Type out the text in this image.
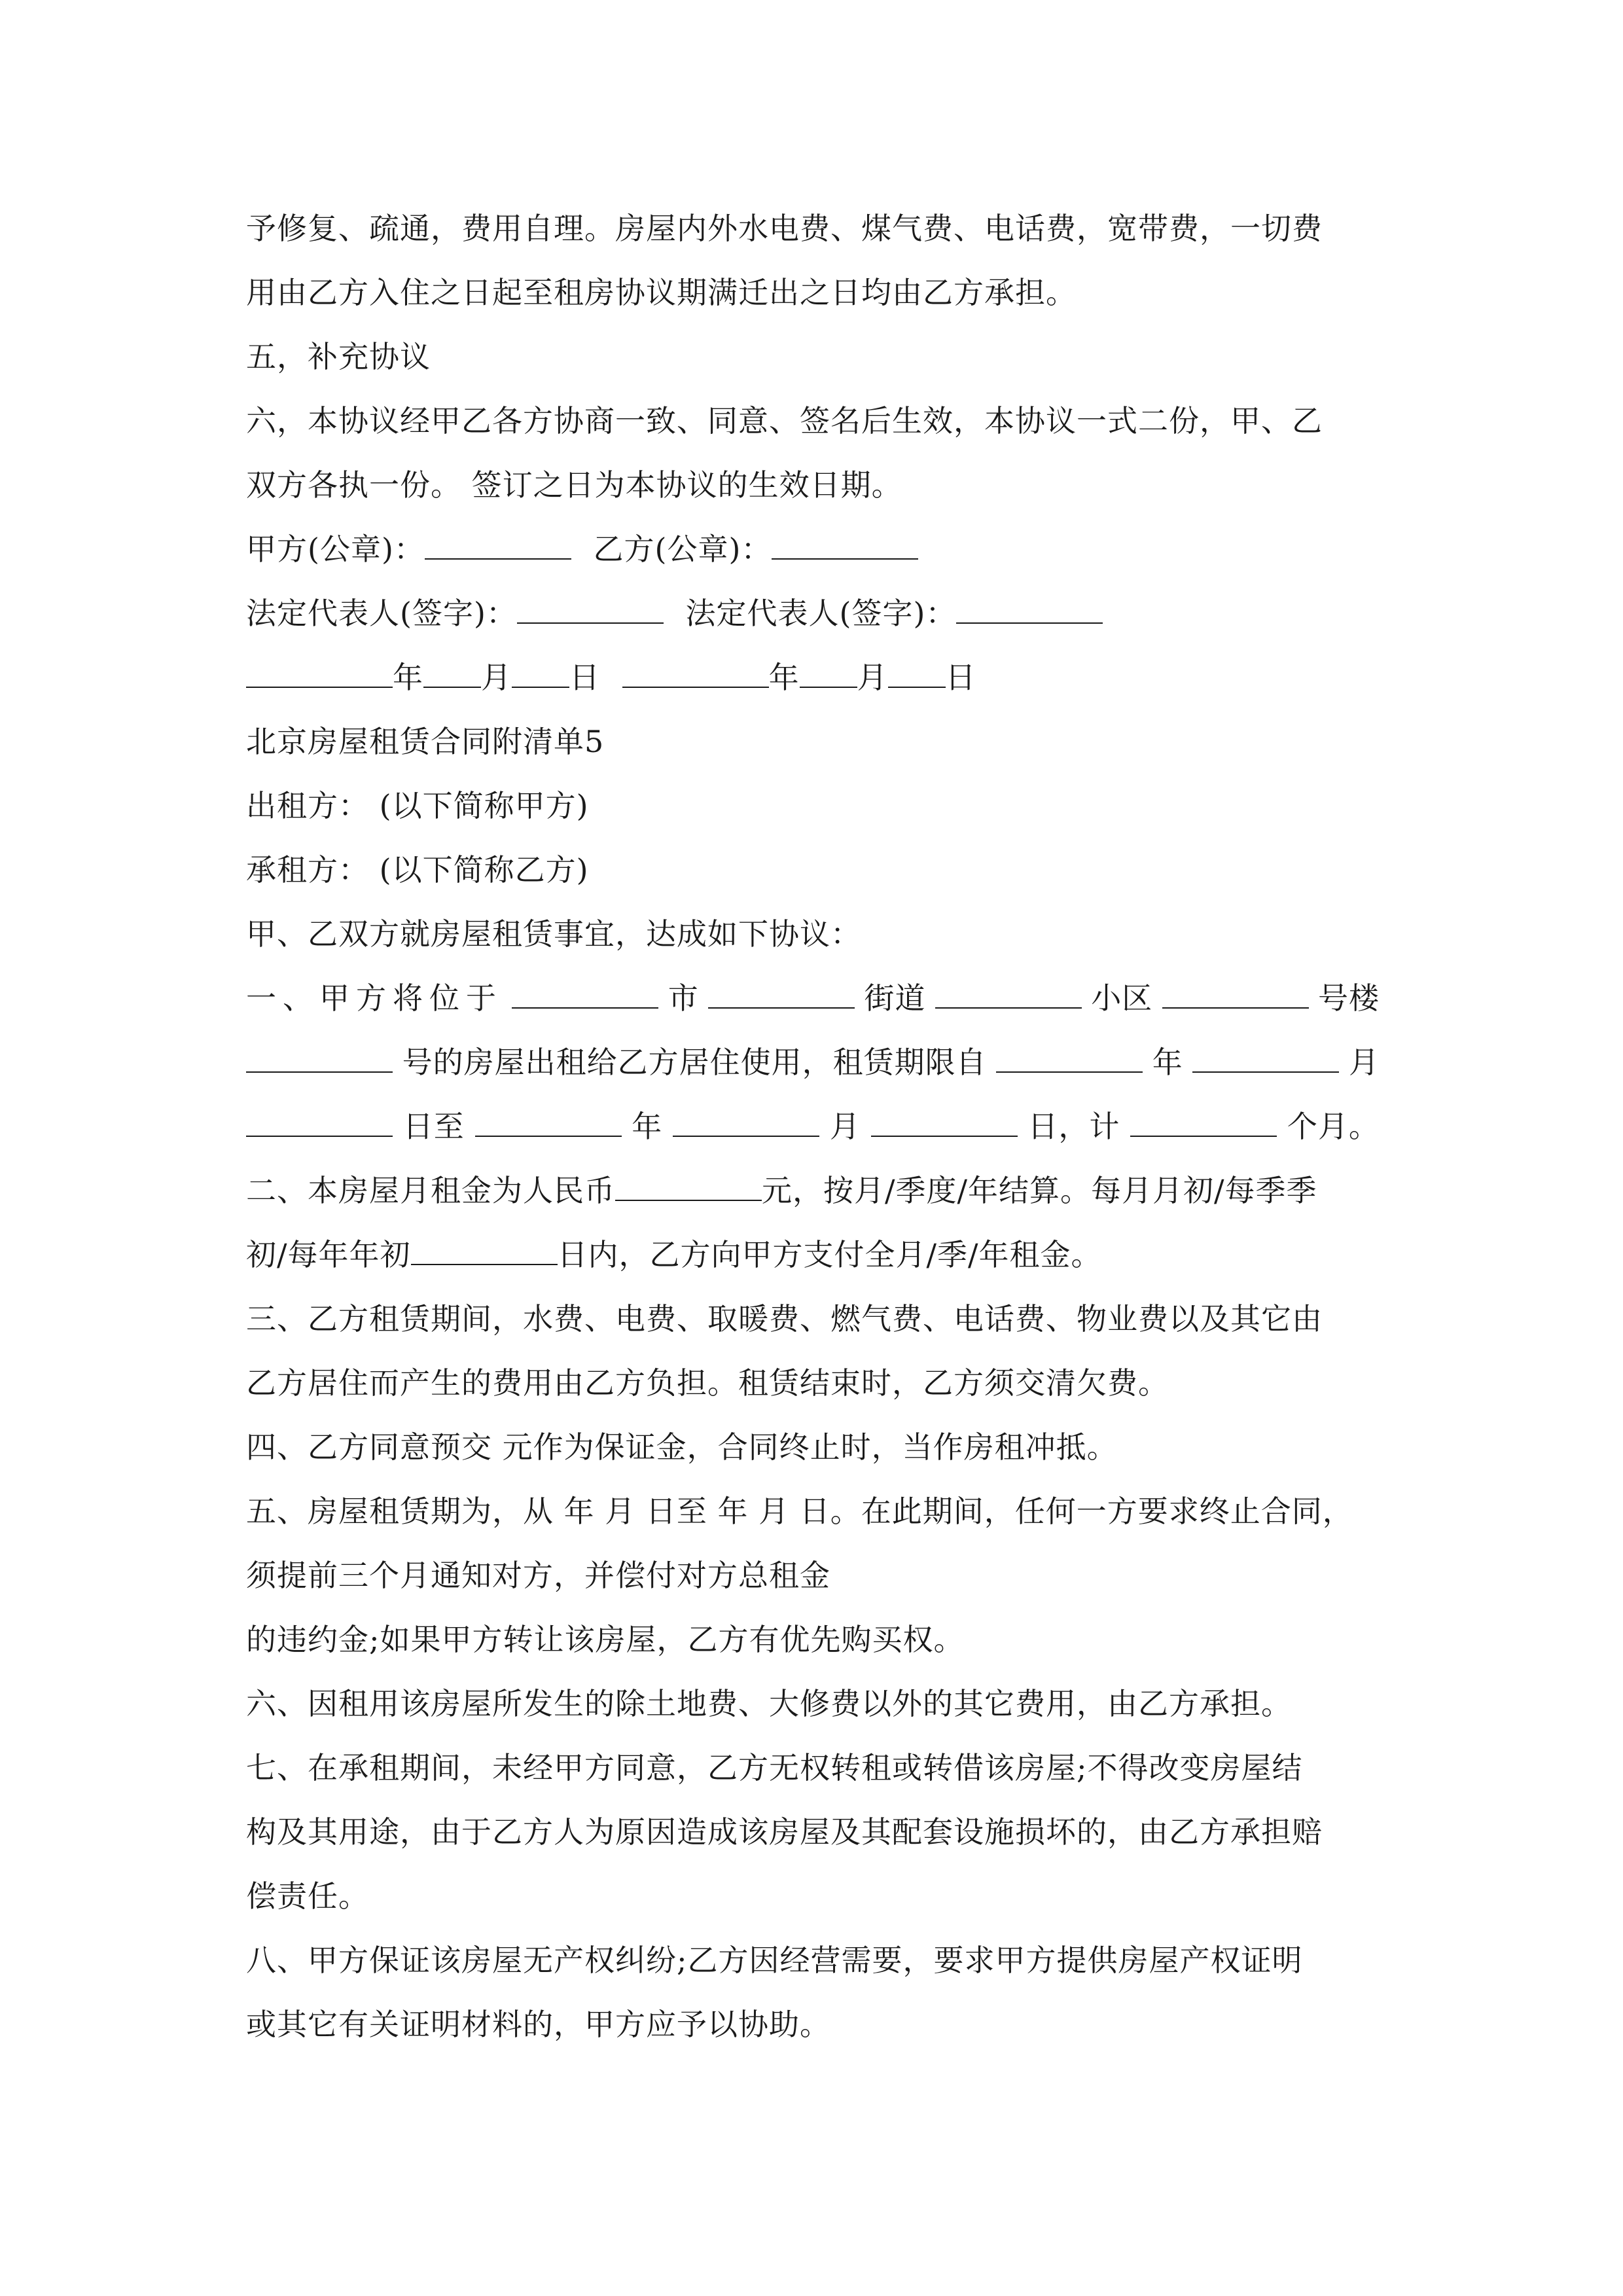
予修复、疏通，费用自理。房屋内外水电费、煤气费、电话费，宽带费，一切费
用由乙方入住之日起至租房协议期满迁出之日均由乙方承担。
五，补充协议
六，本协议经甲乙各方协商一致、同意、签名后生效，本协议一式二份，甲、乙
双方各执一份。 签订之日为本协议的生效日期。
甲方(公章)：	乙方(公章)：
法定代表人(签字)：	法定代表人(签字)：
年 月 日	年 月 日
北京房屋租赁合同附清单5
出租方： (以下简称甲方)
承租方： (以下简称乙方)
甲、乙双方就房屋租赁事宜，达成如下协议：
一、甲方将位于	市	街道	小区	号楼
号的房屋出租给乙方居住使用，租赁期限自	年	月
日至	年	月	日，计	个月。
二、本房屋月租金为人民币	元，按月/季度/年结算。每月月初/每季季
初/每年年初	日内，乙方向甲方支付全月/季/年租金。
三、乙方租赁期间，水费、电费、取暖费、燃气费、电话费、物业费以及其它由
乙方居住而产生的费用由乙方负担。租赁结束时，乙方须交清欠费。
四、乙方同意预交 元作为保证金，合同终止时，当作房租冲抵。
五、房屋租赁期为，从 年 月 日至 年 月 日。在此期间，任何一方要求终止合同，
须提前三个月通知对方，并偿付对方总租金
的违约金;如果甲方转让该房屋，乙方有优先购买权。
六、因租用该房屋所发生的除土地费、大修费以外的其它费用，由乙方承担。
七、在承租期间，未经甲方同意，乙方无权转租或转借该房屋;不得改变房屋结
构及其用途，由于乙方人为原因造成该房屋及其配套设施损坏的，由乙方承担赔
偿责任。
八、甲方保证该房屋无产权纠纷;乙方因经营需要，要求甲方提供房屋产权证明
或其它有关证明材料的，甲方应予以协助。
